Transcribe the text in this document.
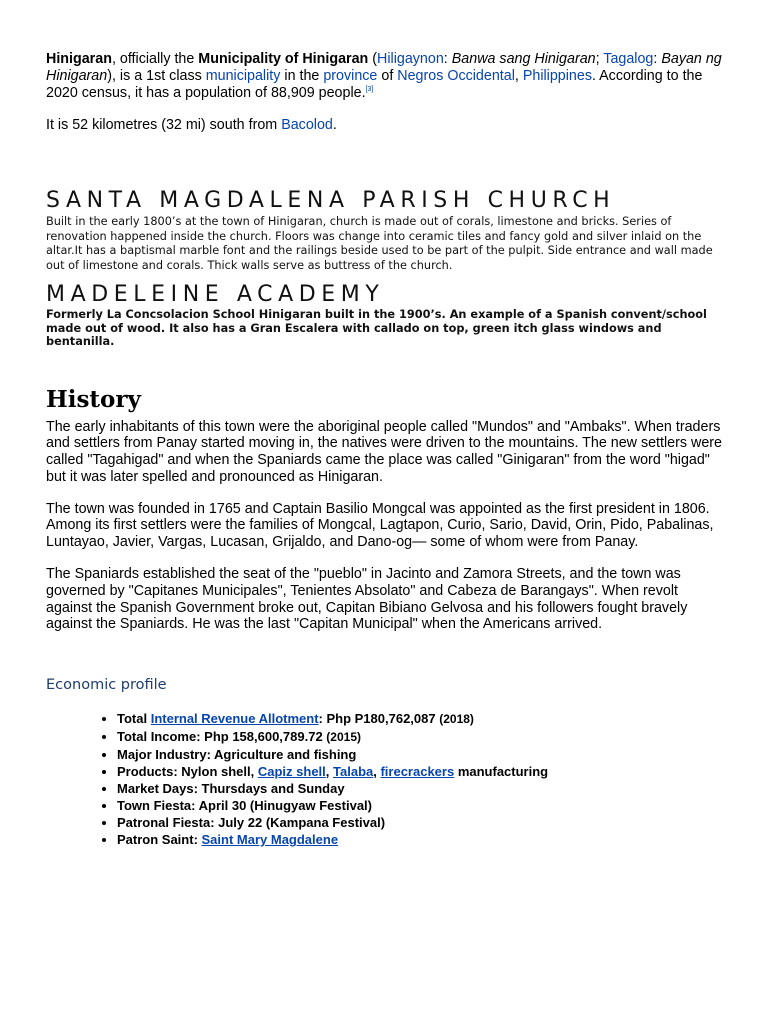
Hinigaran, officially the Municipality of Hinigaran (Hiligaynon: Banwa sang Hinigaran; Tagalog: Bayan ng Hinigaran), is a 1st class municipality in the province of Negros Occidental, Philippines. According to the 2020 census, it has a population of 88,909 people.[3]

It is 52 kilometres (32 mi) south from Bacolod.

SANTA MAGDALENA PARISH CHURCH

Built in the early 1800’s at the town of Hinigaran, church is made out of corals, limestone and bricks. Series of renovation happened inside the church. Floors was change into ceramic tiles and fancy gold and silver inlaid on the altar.It has a baptismal marble font and the railings beside used to be part of the pulpit. Side entrance and wall made out of limestone and corals. Thick walls serve as buttress of the church.

MADELEINE ACADEMY

Formerly La Concsolacion School Hinigaran built in the 1900’s. An example of a Spanish convent/school made out of wood. It also has a Gran Escalera with callado on top, green itch glass windows and bentanilla.

History

The early inhabitants of this town were the aboriginal people called "Mundos" and "Ambaks". When traders and settlers from Panay started moving in, the natives were driven to the mountains. The new settlers were called "Tagahigad" and when the Spaniards came the place was called "Ginigaran" from the word "higad" but it was later spelled and pronounced as Hinigaran.

The town was founded in 1765 and Captain Basilio Mongcal was appointed as the first president in 1806. Among its first settlers were the families of Mongcal, Lagtapon, Curio, Sario, David, Orin, Pido, Pabalinas, Luntayao, Javier, Vargas, Lucasan, Grijaldo, and Dano-og— some of whom were from Panay.

The Spaniards established the seat of the "pueblo" in Jacinto and Zamora Streets, and the town was governed by "Capitanes Municipales", Tenientes Absolato" and Cabeza de Barangays". When revolt against the Spanish Government broke out, Capitan Bibiano Gelvosa and his followers fought bravely against the Spaniards. He was the last "Capitan Municipal" when the Americans arrived.

Economic profile
• Total Internal Revenue Allotment: Php P180,762,087 (2018)
• Total Income: Php 158,600,789.72 (2015)
• Major Industry: Agriculture and fishing
• Products: Nylon shell, Capiz shell, Talaba, firecrackers manufacturing
• Market Days: Thursdays and Sunday
• Town Fiesta: April 30 (Hinugyaw Festival)
• Patronal Fiesta: July 22 (Kampana Festival)
• Patron Saint: Saint Mary Magdalene
